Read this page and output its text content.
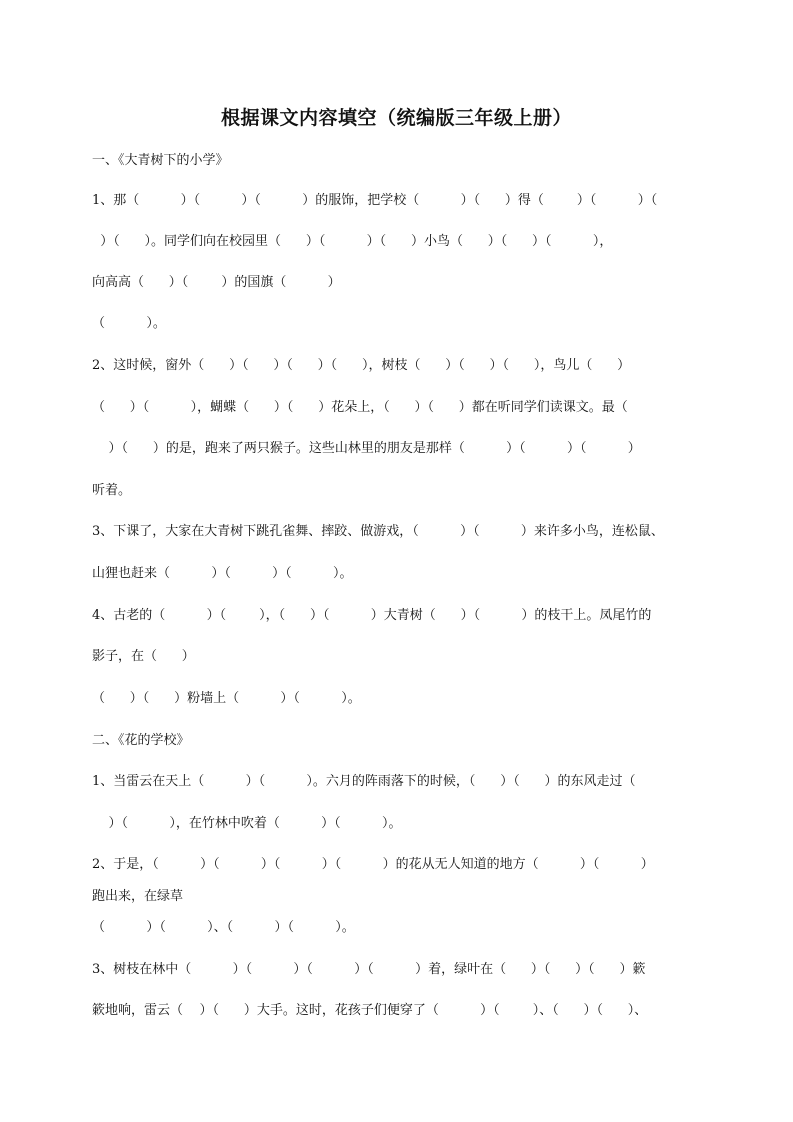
根据课文内容填空（统编版三年级上册）
一、《大青树下的小学》
1、那（          ）（          ）（          ）的服饰，把学校（          ）（      ）得（        ）（          ）（
）（      ）。同学们向在校园里（      ）（          ）（      ）小鸟（      ）（      ）（          ），
向高高（      ）（        ）的国旗（          ）
（          ）。
2、这时候，窗外（      ）（      ）（      ）（      ），树枝（      ）（      ）（      ），鸟儿（      ）
（      ）（          ），蝴蝶（      ）（      ）花朵上，（      ）（      ）都在听同学们读课文。最（
）（      ）的是，跑来了两只猴子。这些山林里的朋友是那样（          ）（          ）（          ）
听着。
3、下课了，大家在大青树下跳孔雀舞、摔跤、做游戏，（          ）（          ）来许多小鸟，连松鼠、
山狸也赶来（          ）（          ）（          ）。
4、古老的（          ）（        ），（      ）（          ）大青树（      ）（          ）的枝干上。凤尾竹的
影子，在（      ）
（      ）（      ）粉墙上（          ）（          ）。
二、《花的学校》
1、当雷云在天上（          ）（          ）。六月的阵雨落下的时候，（      ）（      ）的东风走过（
）（          ），在竹林中吹着（          ）（          ）。
2、于是，（          ）（          ）（          ）（          ）的花从无人知道的地方（          ）（          ）
跑出来，在绿草
（          ）（          ）、（          ）（          ）。
3、树枝在林中（          ）（          ）（          ）（          ）着，绿叶在（      ）（      ）（      ）簌
簌地响，雷云（    ）（      ）大手。这时，花孩子们便穿了（          ）（        ）、（      ）（      ）、
